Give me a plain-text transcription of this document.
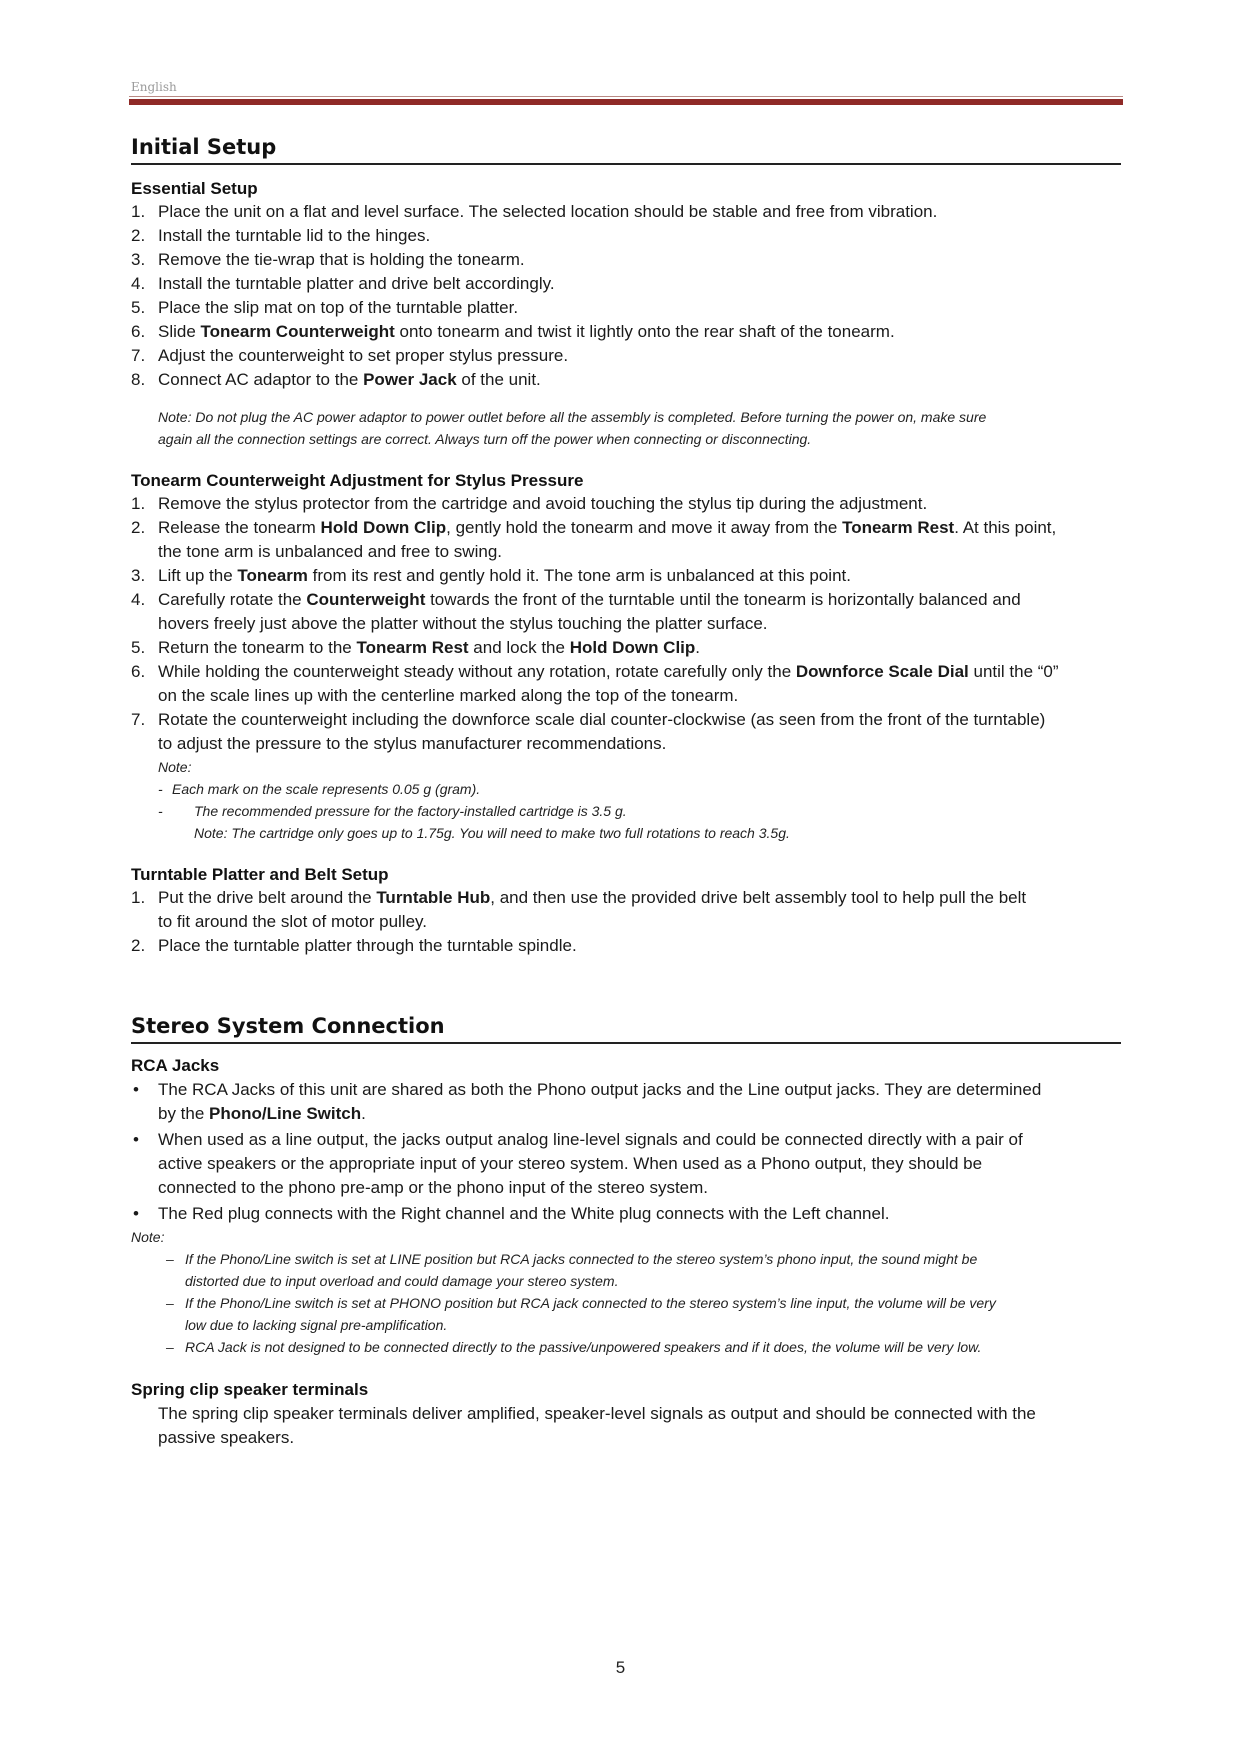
English
Initial Setup
Essential Setup
1. Place the unit on a flat and level surface. The selected location should be stable and free from vibration.
2. Install the turntable lid to the hinges.
3. Remove the tie-wrap that is holding the tonearm.
4. Install the turntable platter and drive belt accordingly.
5. Place the slip mat on top of the turntable platter.
6. Slide Tonearm Counterweight onto tonearm and twist it lightly onto the rear shaft of the tonearm.
7. Adjust the counterweight to set proper stylus pressure.
8. Connect AC adaptor to the Power Jack of the unit.
Note: Do not plug the AC power adaptor to power outlet before all the assembly is completed. Before turning the power on, make sure
again all the connection settings are correct. Always turn off the power when connecting or disconnecting.
Tonearm Counterweight Adjustment for Stylus Pressure
1. Remove the stylus protector from the cartridge and avoid touching the stylus tip during the adjustment.
2. Release the tonearm Hold Down Clip, gently hold the tonearm and move it away from the Tonearm Rest. At this point,
the tone arm is unbalanced and free to swing.
3. Lift up the Tonearm from its rest and gently hold it. The tone arm is unbalanced at this point.
4. Carefully rotate the Counterweight towards the front of the turntable until the tonearm is horizontally balanced and
hovers freely just above the platter without the stylus touching the platter surface.
5. Return the tonearm to the Tonearm Rest and lock the Hold Down Clip.
6. While holding the counterweight steady without any rotation, rotate carefully only the Downforce Scale Dial until the “0”
on the scale lines up with the centerline marked along the top of the tonearm.
7. Rotate the counterweight including the downforce scale dial counter-clockwise (as seen from the front of the turntable)
to adjust the pressure to the stylus manufacturer recommendations.
Note:
- Each mark on the scale represents 0.05 g (gram).
- The recommended pressure for the factory-installed cartridge is 3.5 g.
Note: The cartridge only goes up to 1.75g. You will need to make two full rotations to reach 3.5g.
Turntable Platter and Belt Setup
1. Put the drive belt around the Turntable Hub, and then use the provided drive belt assembly tool to help pull the belt
to fit around the slot of motor pulley.
2. Place the turntable platter through the turntable spindle.
Stereo System Connection
RCA Jacks
• The RCA Jacks of this unit are shared as both the Phono output jacks and the Line output jacks. They are determined
by the Phono/Line Switch.
• When used as a line output, the jacks output analog line-level signals and could be connected directly with a pair of
active speakers or the appropriate input of your stereo system. When used as a Phono output, they should be
connected to the phono pre-amp or the phono input of the stereo system.
• The Red plug connects with the Right channel and the White plug connects with the Left channel.
Note:
– If the Phono/Line switch is set at LINE position but RCA jacks connected to the stereo system’s phono input, the sound might be
distorted due to input overload and could damage your stereo system.
– If the Phono/Line switch is set at PHONO position but RCA jack connected to the stereo system’s line input, the volume will be very
low due to lacking signal pre-amplification.
– RCA Jack is not designed to be connected directly to the passive/unpowered speakers and if it does, the volume will be very low.
Spring clip speaker terminals
The spring clip speaker terminals deliver amplified, speaker-level signals as output and should be connected with the
passive speakers.
5
